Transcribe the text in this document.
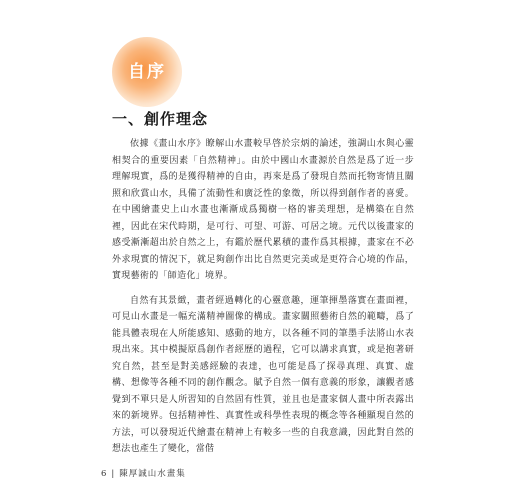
自序
一、創作理念

依據《畫山水序》瞭解山水畫較早啓於宗炳的論述，強調山水與心靈相契合的重要因素「自然精神」。由於中國山水畫源於自然是爲了近一步理解現實，爲的是獲得精神的自由，再來是爲了發現自然而托物寄情且關照和欣賞山水，具備了流動性和廣泛性的象徵，所以得到創作者的喜愛。在中國繪畫史上山水畫也漸漸成爲獨樹一格的審美理想，是構築在自然裡，因此在宋代時期，是可行、可望、可游、可居之境。元代以後畫家的感受漸漸超出於自然之上，有鑑於歷代累積的畫作爲其根據，畫家在不必外求現實的情況下，就足夠創作出比自然更完美或是更符合心境的作品，實現藝術的「師造化」境界。

自然有其景緻，畫者經過轉化的心靈意趣，運筆揮墨落實在畫面裡，可見山水畫是一幅充滿精神圖像的構成。畫家關照藝術自然的範疇，爲了能具體表現在人所能感知、感動的地方，以各種不同的筆墨手法將山水表現出來。其中模擬原爲創作者經歷的過程，它可以講求真實，或是抱著研究自然，甚至是對美感經驗的表達，也可能是爲了探尋真理、真實、虛構、想像等各種不同的創作觀念。賦予自然一個有意義的形象，讓觀者感覺到不單只是人所習知的自然固有性質，並且也是畫家個人畫中所表露出來的新境界。包括精神性、真實性或科學性表現的概念等各種顯現自然的方法，可以發現近代繪畫在精神上有較多一些的自我意識，因此對自然的想法也產生了變化，當偕

6 | 陳厚誠山水畫集
